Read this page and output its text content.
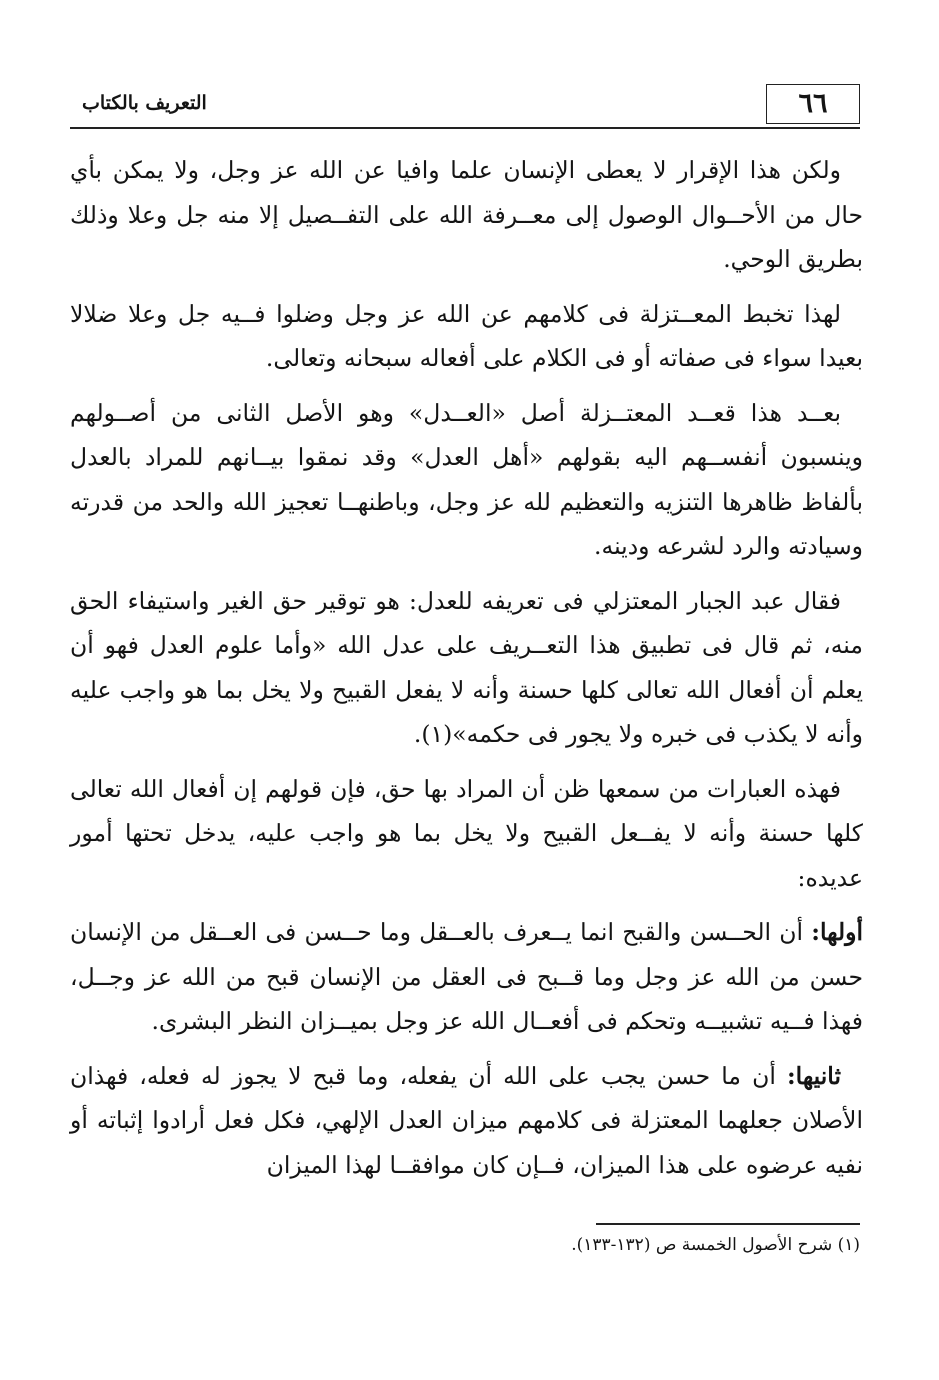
٦٦
التعريف بالكتاب

ولكن هذا الإقرار لا يعطى الإنسان علما وافيا عن الله عز وجل، ولا يمكن بأي حال من الأحــوال الوصول إلى معــرفة الله على التفــصيل إلا منه جل وعلا وذلك بطريق الوحي.

لهذا تخبط المعــتزلة فى كلامهم عن الله عز وجل وضلوا فــيه جل وعلا ضلالا بعيدا سواء فى صفاته أو فى الكلام على أفعاله سبحانه وتعالى.

بعــد هذا قعــد المعتــزلة أصل «العــدل» وهو الأصل الثانى من أصــولهم وينسبون أنفســهم اليه بقولهم «أهل العدل» وقد نمقوا بيــانهم للمراد بالعدل بألفاظ ظاهرها التنزيه والتعظيم لله عز وجل، وباطنهــا تعجيز الله والحد من قدرته وسيادته والرد لشرعه ودينه.

فقال عبد الجبار المعتزلي فى تعريفه للعدل: هو توقير حق الغير واستيفاء الحق منه، ثم قال فى تطبيق هذا التعــريف على عدل الله «وأما علوم العدل فهو أن يعلم أن أفعال الله تعالى كلها حسنة وأنه لا يفعل القبيح ولا يخل بما هو واجب عليه وأنه لا يكذب فى خبره ولا يجور فى حكمه»(١).

فهذه العبارات من سمعها ظن أن المراد بها حق، فإن قولهم إن أفعال الله تعالى كلها حسنة وأنه لا يفــعل القبيح ولا يخل بما هو واجب عليه، يدخل تحتها أمور عديده:

أولها: أن الحــسن والقبح انما يــعرف بالعــقل وما حــسن فى العــقل من الإنسان حسن من الله عز وجل وما قــبح فى العقل من الإنسان قبح من الله عز وجــل، فهذا فــيه تشبيــه وتحكم فى أفعــال الله عز وجل بميــزان النظر البشرى.

ثانيها: أن ما حسن يجب على الله أن يفعله، وما قبح لا يجوز له فعله، فهذان الأصلان جعلهما المعتزلة فى كلامهم ميزان العدل الإلهي، فكل فعل أرادوا إثباته أو نفيه عرضوه على هذا الميزان، فــإن كان موافقــا لهذا الميزان

(١) شرح الأصول الخمسة ص (١٣٢-١٣٣).
